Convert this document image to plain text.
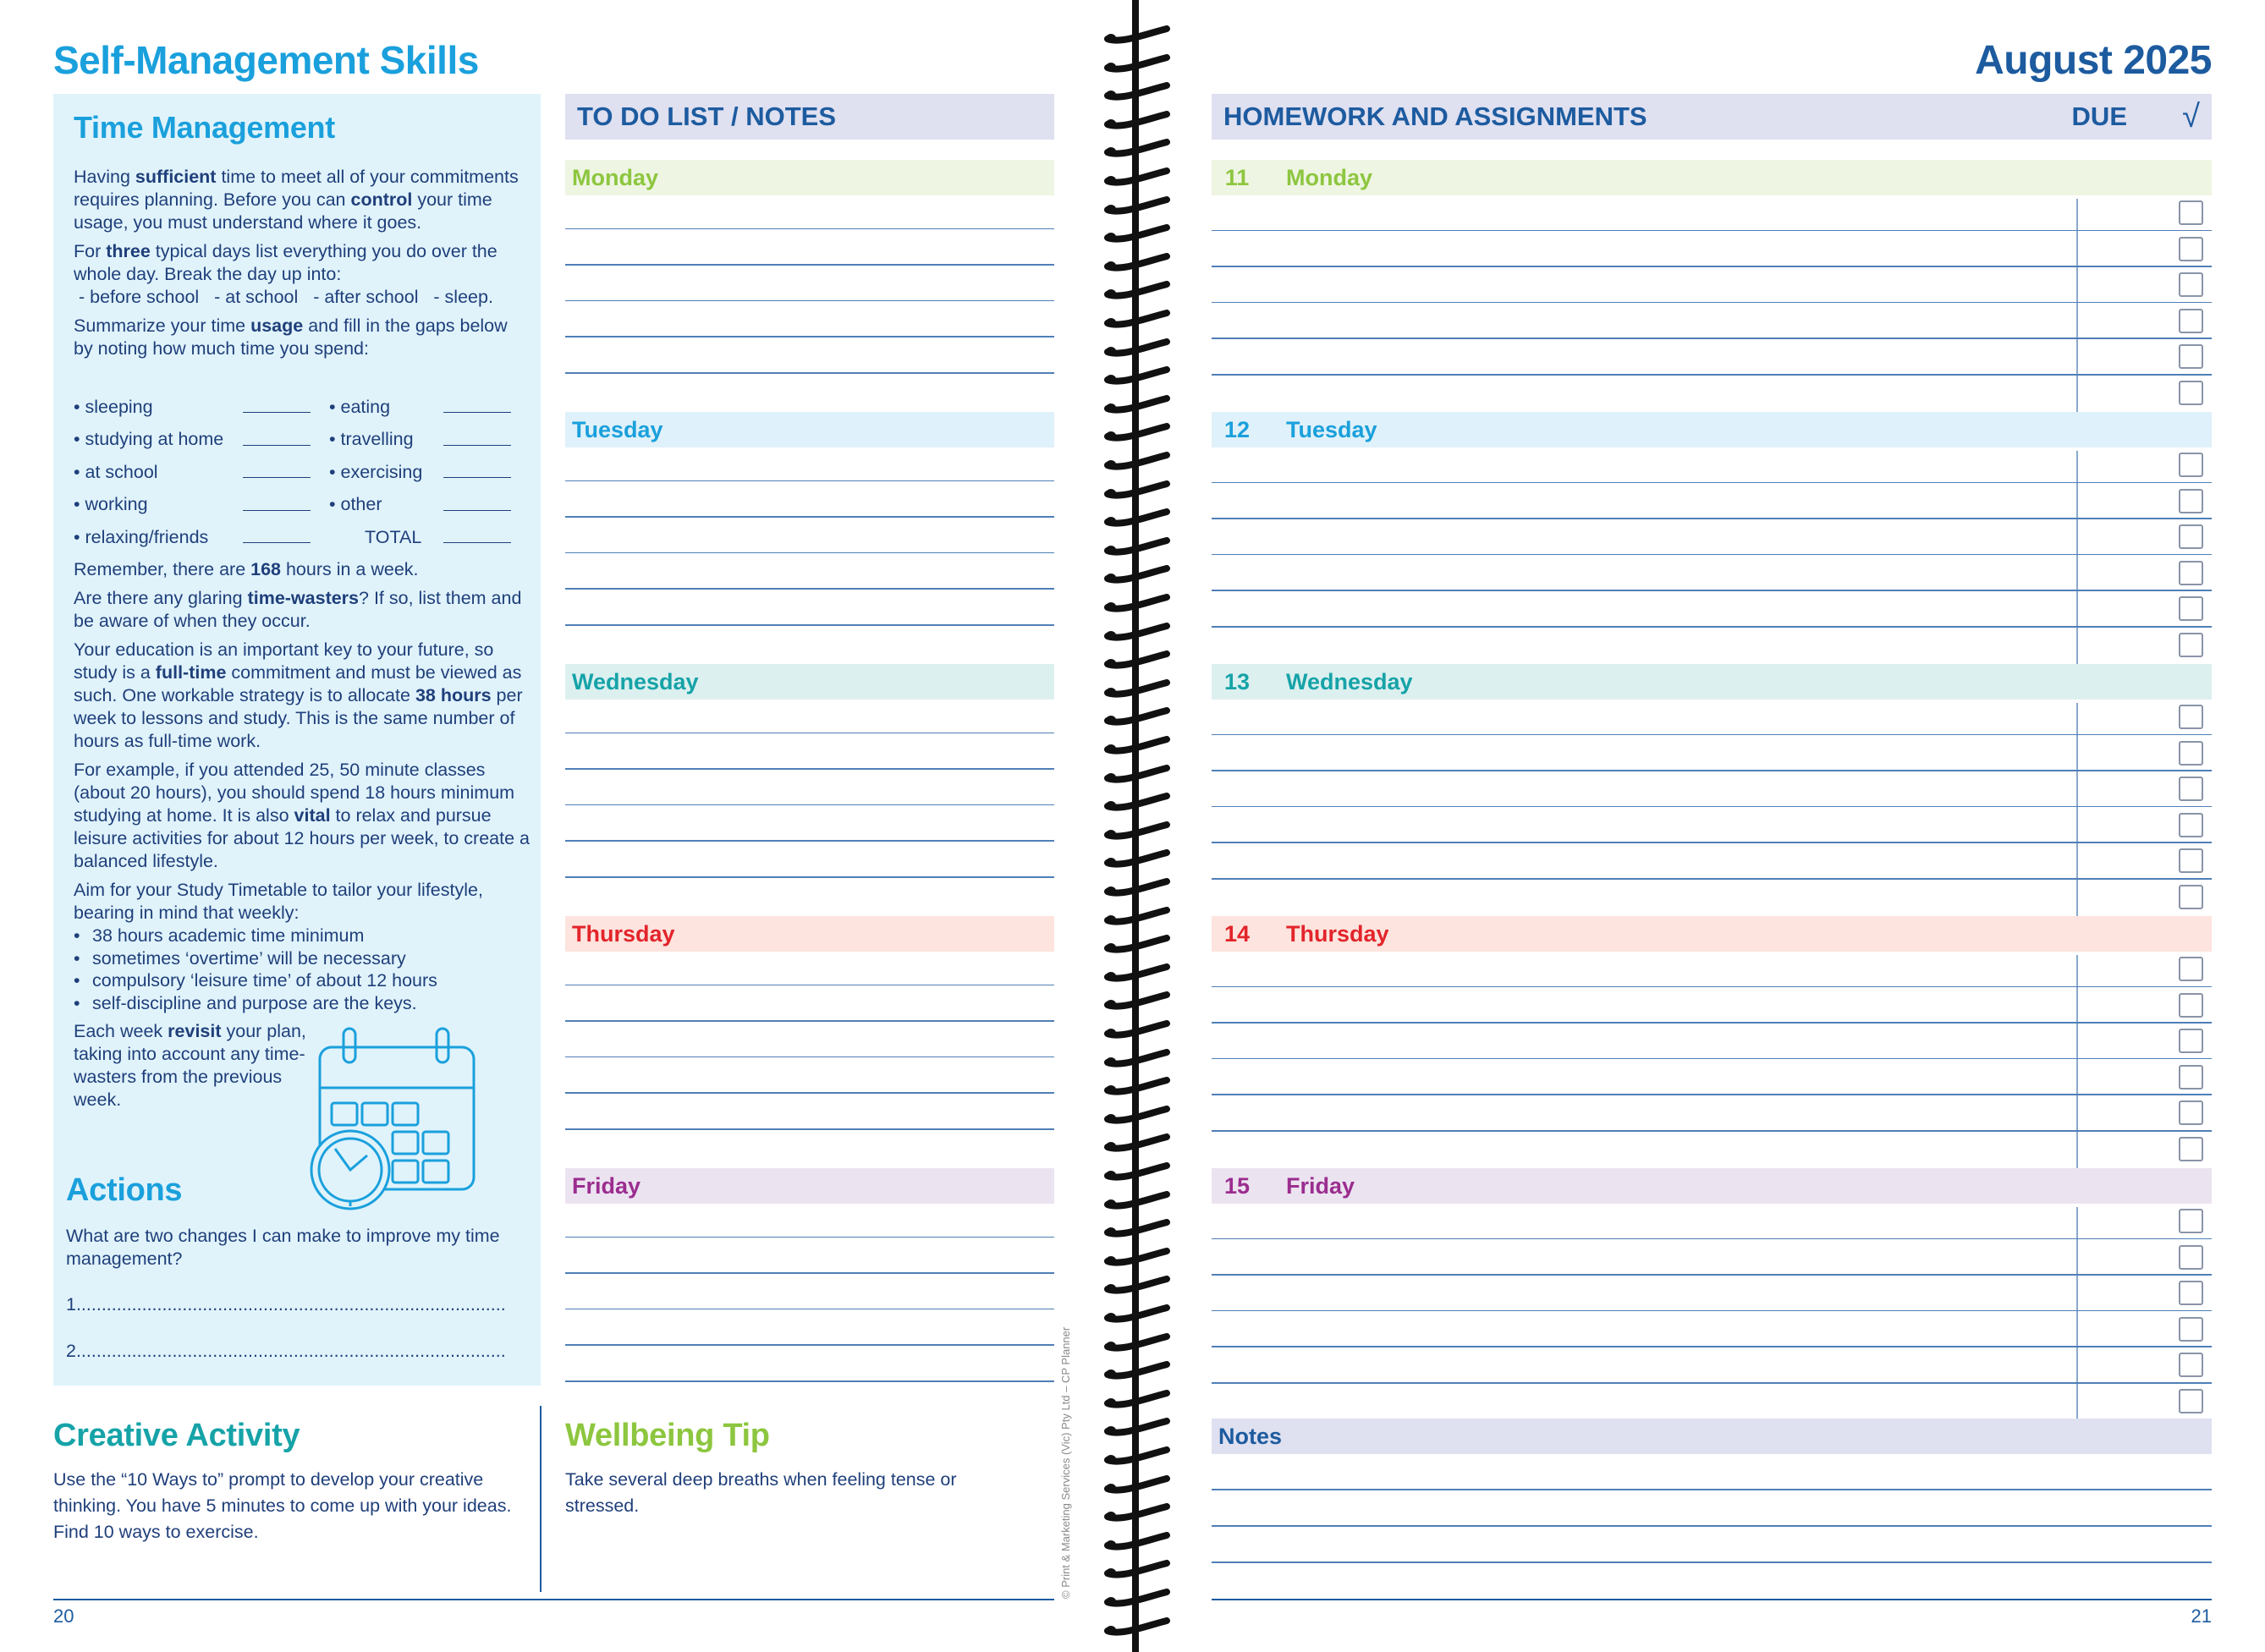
Self-Management Skills
Time Management

Having sufficient time to meet all of your commitments requires planning. Before you can control your time usage, you must understand where it goes.

For three typical days list everything you do over the whole day. Break the day up into:

- before school   - at school   - after school   - sleep.

Summarize your time usage and fill in the gaps below by noting how much time you spend:

• sleeping	• eating
• studying at home	• travelling
• at school	• exercising
• working	• other
• relaxing/friends	TOTAL

Remember, there are 168 hours in a week.

Are there any glaring time-wasters? If so, list them and be aware of when they occur.

Your education is an important key to your future, so study is a full-time commitment and must be viewed as such. One workable strategy is to allocate 38 hours per week to lessons and study. This is the same number of hours as full-time work.

For example, if you attended 25, 50 minute classes (about 20 hours), you should spend 18 hours minimum studying at home. It is also vital to relax and pursue leisure activities for about 12 hours per week, to create a balanced lifestyle.

Aim for your Study Timetable to tailor your lifestyle, bearing in mind that weekly:

• 38 hours academic time minimum
• sometimes ‘overtime’ will be necessary
• compulsory ‘leisure time’ of about 12 hours
• self-discipline and purpose are the keys.

Each week revisit your plan, taking into account any time-wasters from the previous week.

Actions
What are two changes I can make to improve my time management?
1.....................................................................................
2.....................................................................................
Creative Activity
Use the “10 Ways to” prompt to develop your creative thinking. You have 5 minutes to come up with your ideas. Find 10 ways to exercise.
Wellbeing Tip
Take several deep breaths when feeling tense or stressed.
TO DO LIST / NOTES
Monday
Tuesday
Wednesday
Thursday
Friday
20
© Print & Marketing Services (Vic) Pty Ltd – CP Planner
August 2025
HOMEWORK AND ASSIGNMENTS	DUE √
11	Monday
12	Tuesday
13	Wednesday
14	Thursday
15	Friday
Notes
21
